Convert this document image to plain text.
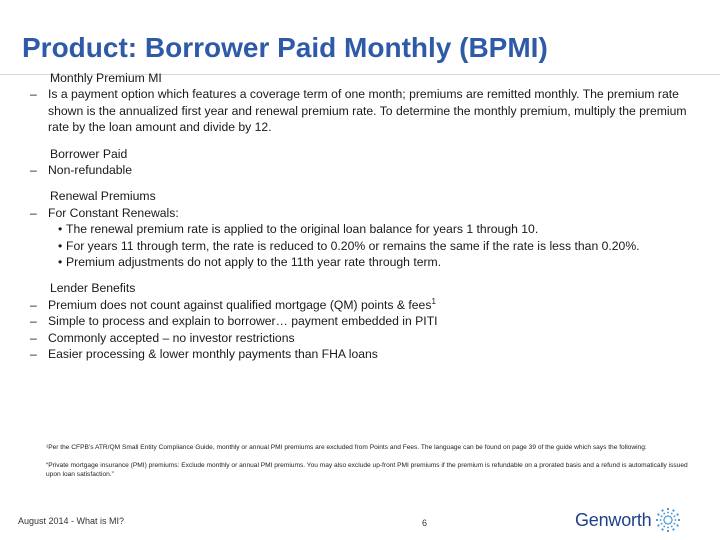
Product: Borrower Paid Monthly (BPMI)
Monthly Premium MI
– Is a payment option which features a coverage term of one month; premiums are remitted monthly. The premium rate shown is the annualized first year and renewal premium rate. To determine the monthly premium, multiply the premium rate by the loan amount and divide by 12.
Borrower Paid
– Non-refundable
Renewal Premiums
– For Constant Renewals:
• The renewal premium rate is applied to the original loan balance for years 1 through 10.
• For years 11 through term, the rate is reduced to 0.20% or remains the same if the rate is less than 0.20%.
• Premium adjustments do not apply to the 11th year rate through term.
Lender Benefits
– Premium does not count against qualified mortgage (QM) points & fees$^1$
– Simple to process and explain to borrower… payment embedded in PITI
– Commonly accepted – no investor restrictions
– Easier processing & lower monthly payments than FHA loans

¹Per the CFPB’s ATR/QM Small Entity Compliance Guide, monthly or annual PMI premiums are excluded from Points and Fees. The language can be found on page 39 of the guide which says the following:

“Private mortgage insurance (PMI) premiums: Exclude monthly or annual PMI premiums. You may also exclude up-front PMI premiums if the premium is refundable on a prorated basis and a refund is automatically issued upon loan satisfaction.”

August 2014 - What is MI?	6	Genworth
